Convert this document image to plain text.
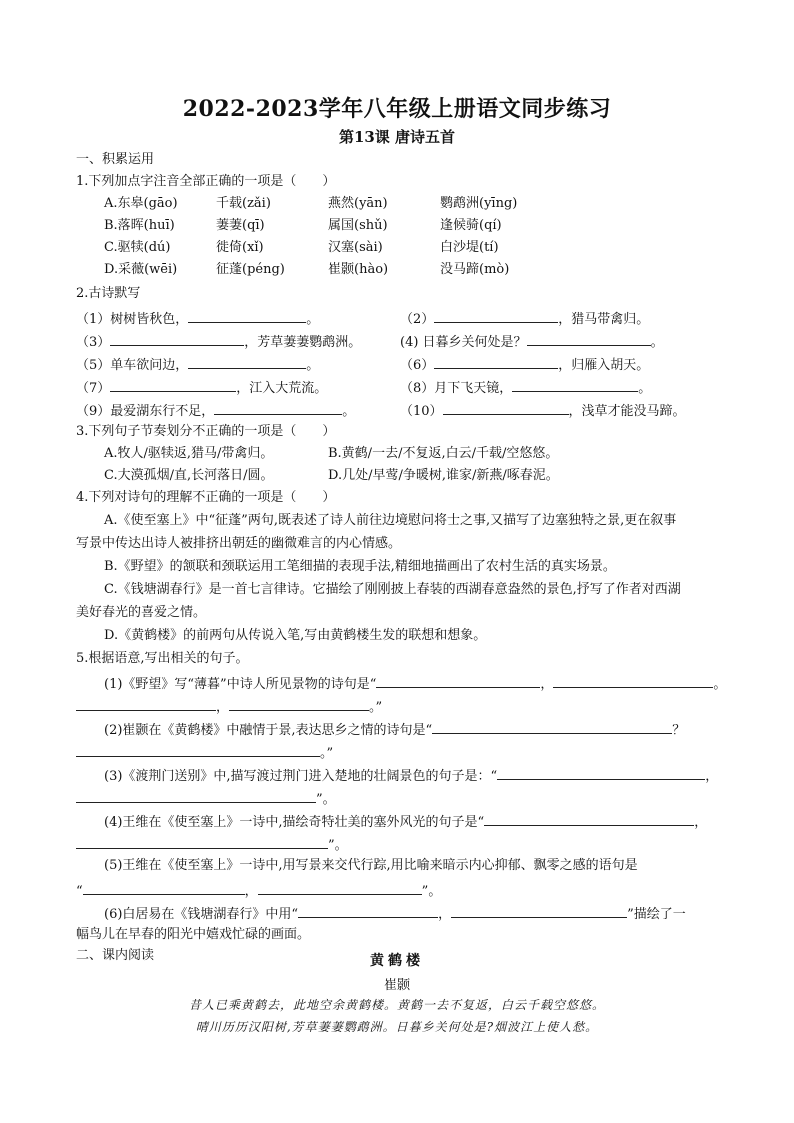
2022-2023学年八年级上册语文同步练习
第13课 唐诗五首
一、积累运用
1.下列加点字注音全部正确的一项是（　　）
A.东皋(gāo)	千载(zǎi)	燕然(yān)	鹦鹉洲(yīng)
B.落晖(huī)	萋萋(qī)	属国(shǔ)	逢候骑(qí)
C.驱犊(dú)	徙倚(xǐ)	汉塞(sài)	白沙堤(tí)
D.采薇(wēi)	征蓬(péng)	崔颢(hào)	没马蹄(mò)
2.古诗默写
（1）树树皆秋色，	。	（2）	，猎马带禽归。
（3）	，芳草萋萋鹦鹉洲。	(4) 日暮乡关何处是？	。
（5）单车欲问边，	。	（6）	，归雁入胡天。
（7）	，江入大荒流。	（8）月下飞天镜，	。
（9）最爱湖东行不足，	。	（10）	，浅草才能没马蹄。
3.下列句子节奏划分不正确的一项是（　　）
A.牧人/驱犊返,猎马/带禽归。	B.黄鹤/一去/不复返,白云/千载/空悠悠。
C.大漠孤烟/直,长河落日/圆。	D.几处/早莺/争暖树,谁家/新燕/啄春泥。
4.下列对诗句的理解不正确的一项是（　　）
A.《使至塞上》中“征蓬”两句,既表述了诗人前往边境慰问将士之事,又描写了边塞独特之景,更在叙事
写景中传达出诗人被排挤出朝廷的幽微难言的内心情感。
B.《野望》的颔联和颈联运用工笔细描的表现手法,精细地描画出了农村生活的真实场景。
C.《钱塘湖春行》是一首七言律诗。它描绘了刚刚披上春装的西湖春意盎然的景色,抒写了作者对西湖
美好春光的喜爱之情。
D.《黄鹤楼》的前两句从传说入笔,写由黄鹤楼生发的联想和想象。
5.根据语意,写出相关的句子。
(1)《野望》写“薄暮”中诗人所见景物的诗句是“	，	。
，	。”
(2)崔颢在《黄鹤楼》中融情于景,表达思乡之情的诗句是“	？
。”
(3)《渡荆门送别》中,描写渡过荆门进入楚地的壮阔景色的句子是：“	，
”。
(4)王维在《使至塞上》一诗中,描绘奇特壮美的塞外风光的句子是“	，
”。
(5)王维在《使至塞上》一诗中,用写景来交代行踪,用比喻来暗示内心抑郁、飘零之感的语句是
“	，	”。
(6)白居易在《钱塘湖春行》中用“	，	”描绘了一
幅鸟儿在早春的阳光中嬉戏忙碌的画面。
二、课内阅读	黄鹤楼
崔颢
昔人已乘黄鹤去，此地空余黄鹤楼。黄鹤一去不复返，白云千载空悠悠。
晴川历历汉阳树,芳草萋萋鹦鹉洲。日暮乡关何处是?烟波江上使人愁。
